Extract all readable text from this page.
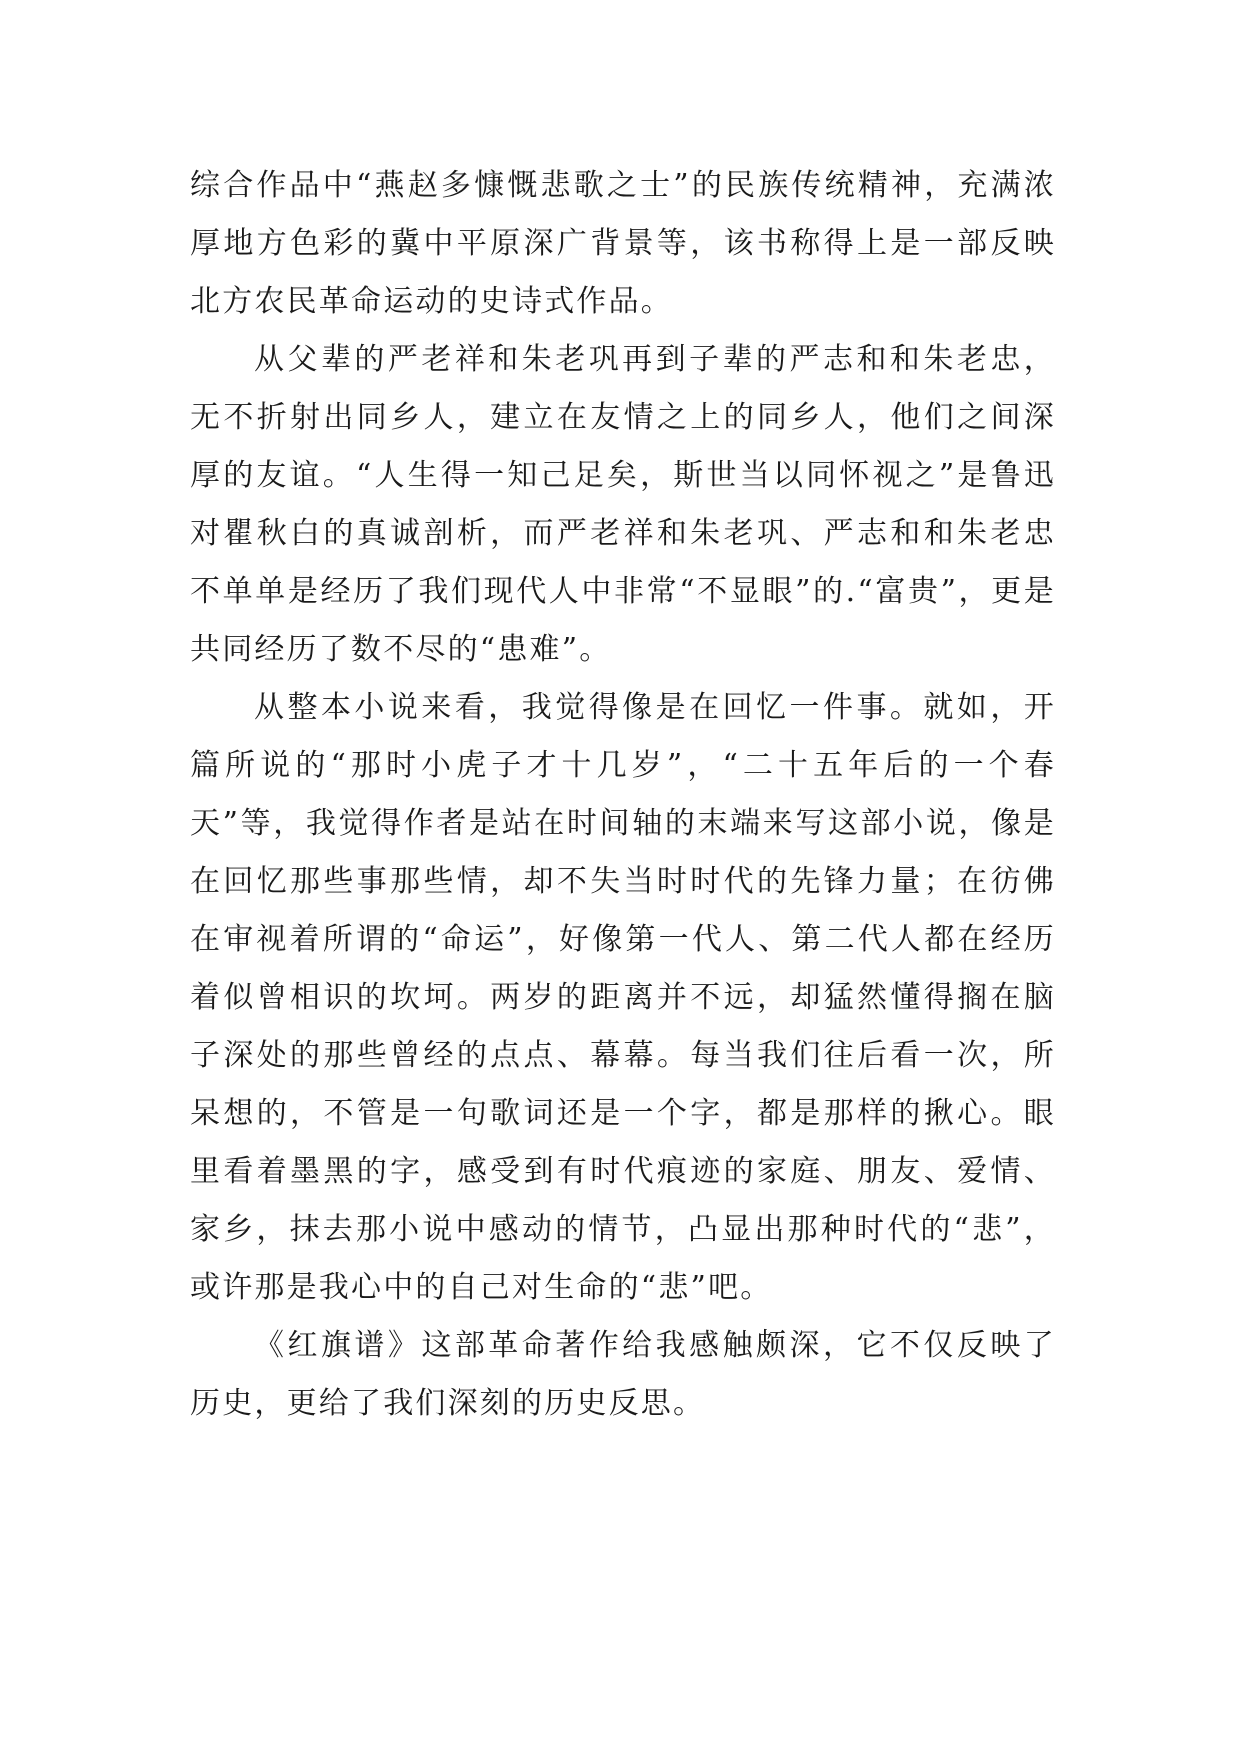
综合作品中“燕赵多慷慨悲歌之士”的民族传统精神，充满浓厚地方色彩的冀中平原深广背景等，该书称得上是一部反映北方农民革命运动的史诗式作品。

从父辈的严老祥和朱老巩再到子辈的严志和和朱老忠，无不折射出同乡人，建立在友情之上的同乡人，他们之间深厚的友谊。“人生得一知己足矣，斯世当以同怀视之”是鲁迅对瞿秋白的真诚剖析，而严老祥和朱老巩、严志和和朱老忠不单单是经历了我们现代人中非常“不显眼”的.“富贵”，更是共同经历了数不尽的“患难”。

从整本小说来看，我觉得像是在回忆一件事。就如，开篇所说的“那时小虎子才十几岁”，“二十五年后的一个春天”等，我觉得作者是站在时间轴的末端来写这部小说，像是在回忆那些事那些情，却不失当时时代的先锋力量；在彷佛在审视着所谓的“命运”，好像第一代人、第二代人都在经历着似曾相识的坎坷。两岁的距离并不远，却猛然懂得搁在脑子深处的那些曾经的点点、幕幕。每当我们往后看一次，所呆想的，不管是一句歌词还是一个字，都是那样的揪心。眼里看着墨黑的字，感受到有时代痕迹的家庭、朋友、爱情、家乡，抹去那小说中感动的情节，凸显出那种时代的“悲”，或许那是我心中的自己对生命的“悲”吧。

《红旗谱》这部革命著作给我感触颇深，它不仅反映了历史，更给了我们深刻的历史反思。
